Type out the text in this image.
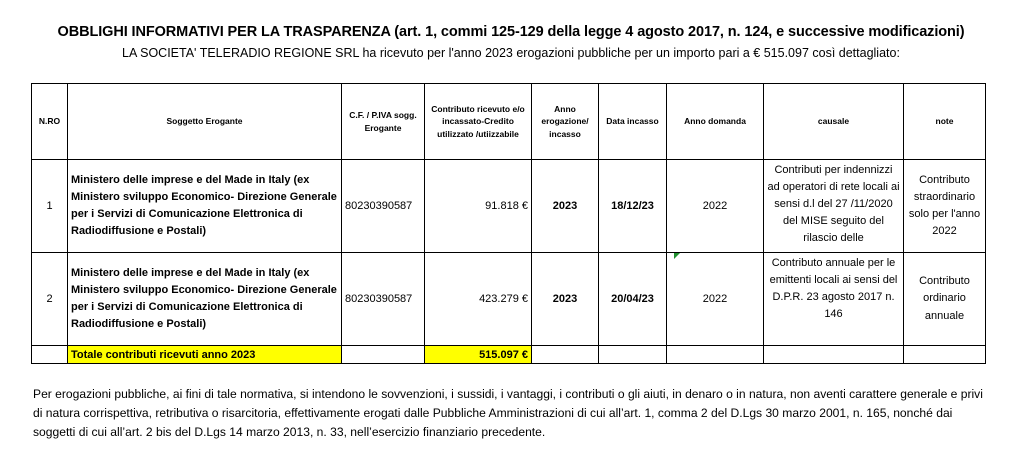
OBBLIGHI INFORMATIVI PER LA TRASPARENZA (art. 1, commi 125-129 della legge 4 agosto 2017, n. 124, e successive modificazioni)
LA SOCIETA' TELERADIO REGIONE SRL ha ricevuto per l'anno 2023 erogazioni pubbliche per un importo pari a € 515.097 così dettagliato:
N.RO	Soggetto Erogante	C.F. / P.IVA sogg. Erogante	Contributo ricevuto e/o incassato-Credito utilizzato /utiizzabile	Anno erogazione/ incasso	Data incasso	Anno domanda	causale	note
1	Ministero delle imprese e del Made in Italy (ex Ministero sviluppo Economico- Direzione Generale per i Servizi di Comunicazione Elettronica di Radiodiffusione e Postali)	80230390587	91.818 €	2023	18/12/23	2022	Contributi per indennizzi ad operatori di rete locali ai sensi d.l del 27 /11/2020 del MISE seguito del rilascio delle	Contributo straordinario solo per l'anno 2022
2	Ministero delle imprese e del Made in Italy (ex Ministero sviluppo Economico- Direzione Generale per i Servizi di Comunicazione Elettronica di Radiodiffusione e Postali)	80230390587	423.279 €	2023	20/04/23	2022	Contributo annuale per le emittenti locali ai sensi del D.P.R. 23 agosto 2017 n. 146	Contributo ordinario annuale
	Totale contributi ricevuti anno 2023		515.097 €					
Per erogazioni pubbliche, ai fini di tale normativa, si intendono le sovvenzioni, i sussidi, i vantaggi, i contributi o gli aiuti, in denaro o in natura, non aventi carattere generale e privi di natura corrispettiva, retributiva o risarcitoria, effettivamente erogati dalle Pubbliche Amministrazioni di cui all’art. 1, comma 2 del D.Lgs 30 marzo 2001, n. 165, nonché dai soggetti di cui all’art. 2 bis del D.Lgs 14 marzo 2013, n. 33, nell’esercizio finanziario precedente.
